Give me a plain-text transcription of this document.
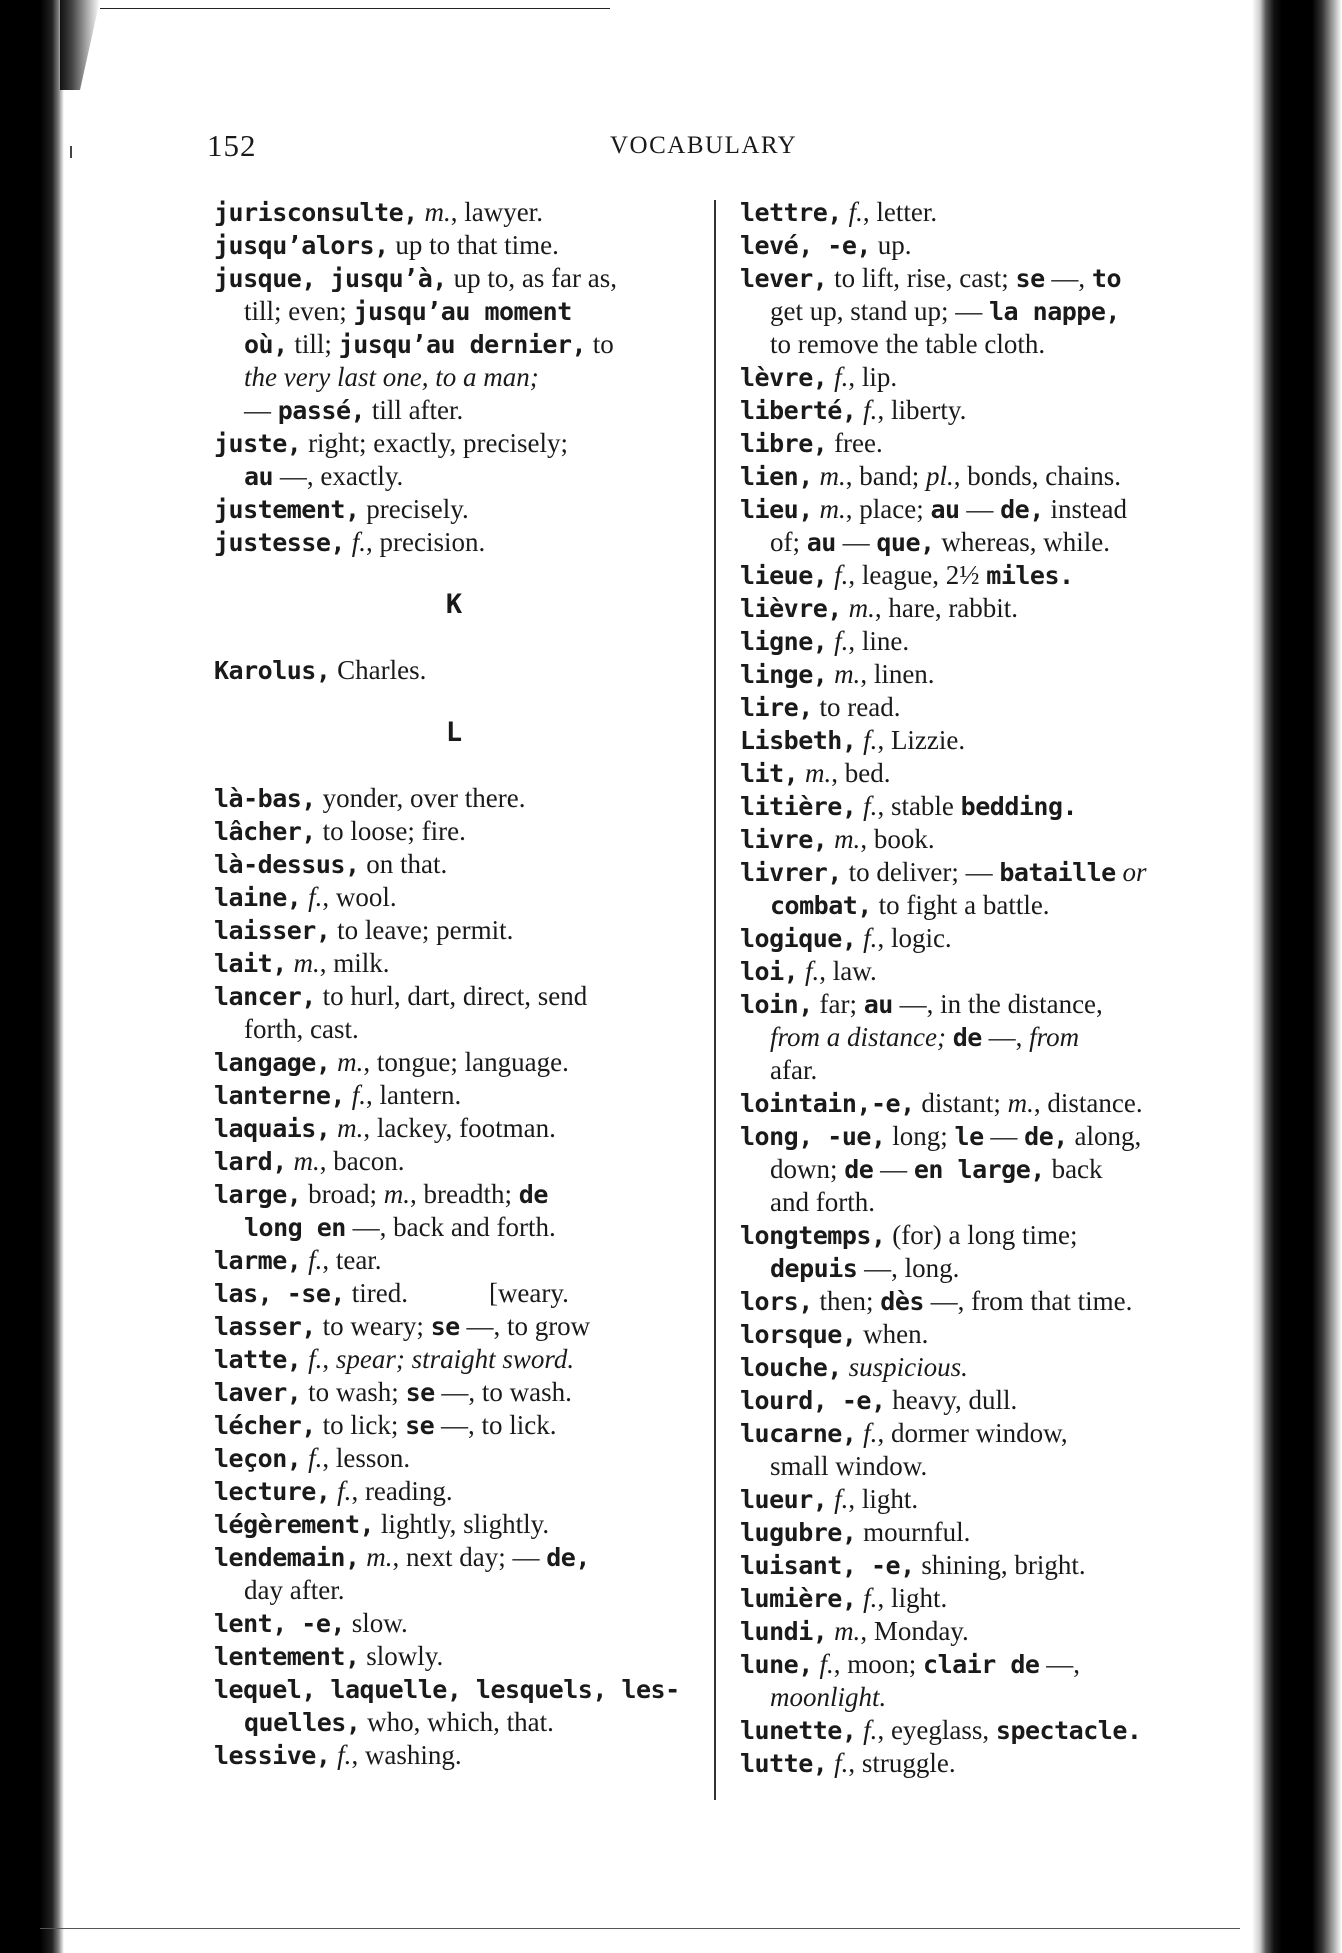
152	VOCABULARY
jurisconsulte, m., lawyer.
jusqu’alors, up to that time.
jusque, jusqu’à, up to, as far as,
till; even; jusqu’au moment
où, till; jusqu’au dernier, to
the very last one, to a man;
— passé, till after.
juste, right; exactly, precisely;
au —, exactly.
justement, precisely.
justesse, f., precision.
K
Karolus, Charles.
L
là-bas, yonder, over there.
lâcher, to loose; fire.
là-dessus, on that.
laine, f., wool.
laisser, to leave; permit.
lait, m., milk.
lancer, to hurl, dart, direct, send
forth, cast.
langage, m., tongue; language.
lanterne, f., lantern.
laquais, m., lackey, footman.
lard, m., bacon.
large, broad; m., breadth; de
long en —, back and forth.
larme, f., tear.
las, -se, tired.            [weary.
lasser, to weary; se —, to grow
latte, f., spear; straight sword.
laver, to wash; se —, to wash.
lécher, to lick; se —, to lick.
leçon, f., lesson.
lecture, f., reading.
légèrement, lightly, slightly.
lendemain, m., next day; — de,
day after.
lent, -e, slow.
lentement, slowly.
lequel, laquelle, lesquels, les-
quelles, who, which, that.
lessive, f., washing.
lettre, f., letter.
levé, -e, up.
lever, to lift, rise, cast; se —, to
get up, stand up; — la nappe,
to remove the table cloth.
lèvre, f., lip.
liberté, f., liberty.
libre, free.
lien, m., band; pl., bonds, chains.
lieu, m., place; au — de, instead
of; au — que, whereas, while.
lieue, f., league, 2½ miles.
lièvre, m., hare, rabbit.
ligne, f., line.
linge, m., linen.
lire, to read.
Lisbeth, f., Lizzie.
lit, m., bed.
litière, f., stable bedding.
livre, m., book.
livrer, to deliver; — bataille or
combat, to fight a battle.
logique, f., logic.
loi, f., law.
loin, far; au —, in the distance,
from a distance; de —, from
afar.
lointain,-e, distant; m., distance.
long, -ue, long; le — de, along,
down; de — en large, back
and forth.
longtemps, (for) a long time;
depuis —, long.
lors, then; dès —, from that time.
lorsque, when.
louche, suspicious.
lourd, -e, heavy, dull.
lucarne, f., dormer window,
small window.
lueur, f., light.
lugubre, mournful.
luisant, -e, shining, bright.
lumière, f., light.
lundi, m., Monday.
lune, f., moon; clair de —,
moonlight.
lunette, f., eyeglass, spectacle.
lutte, f., struggle.
